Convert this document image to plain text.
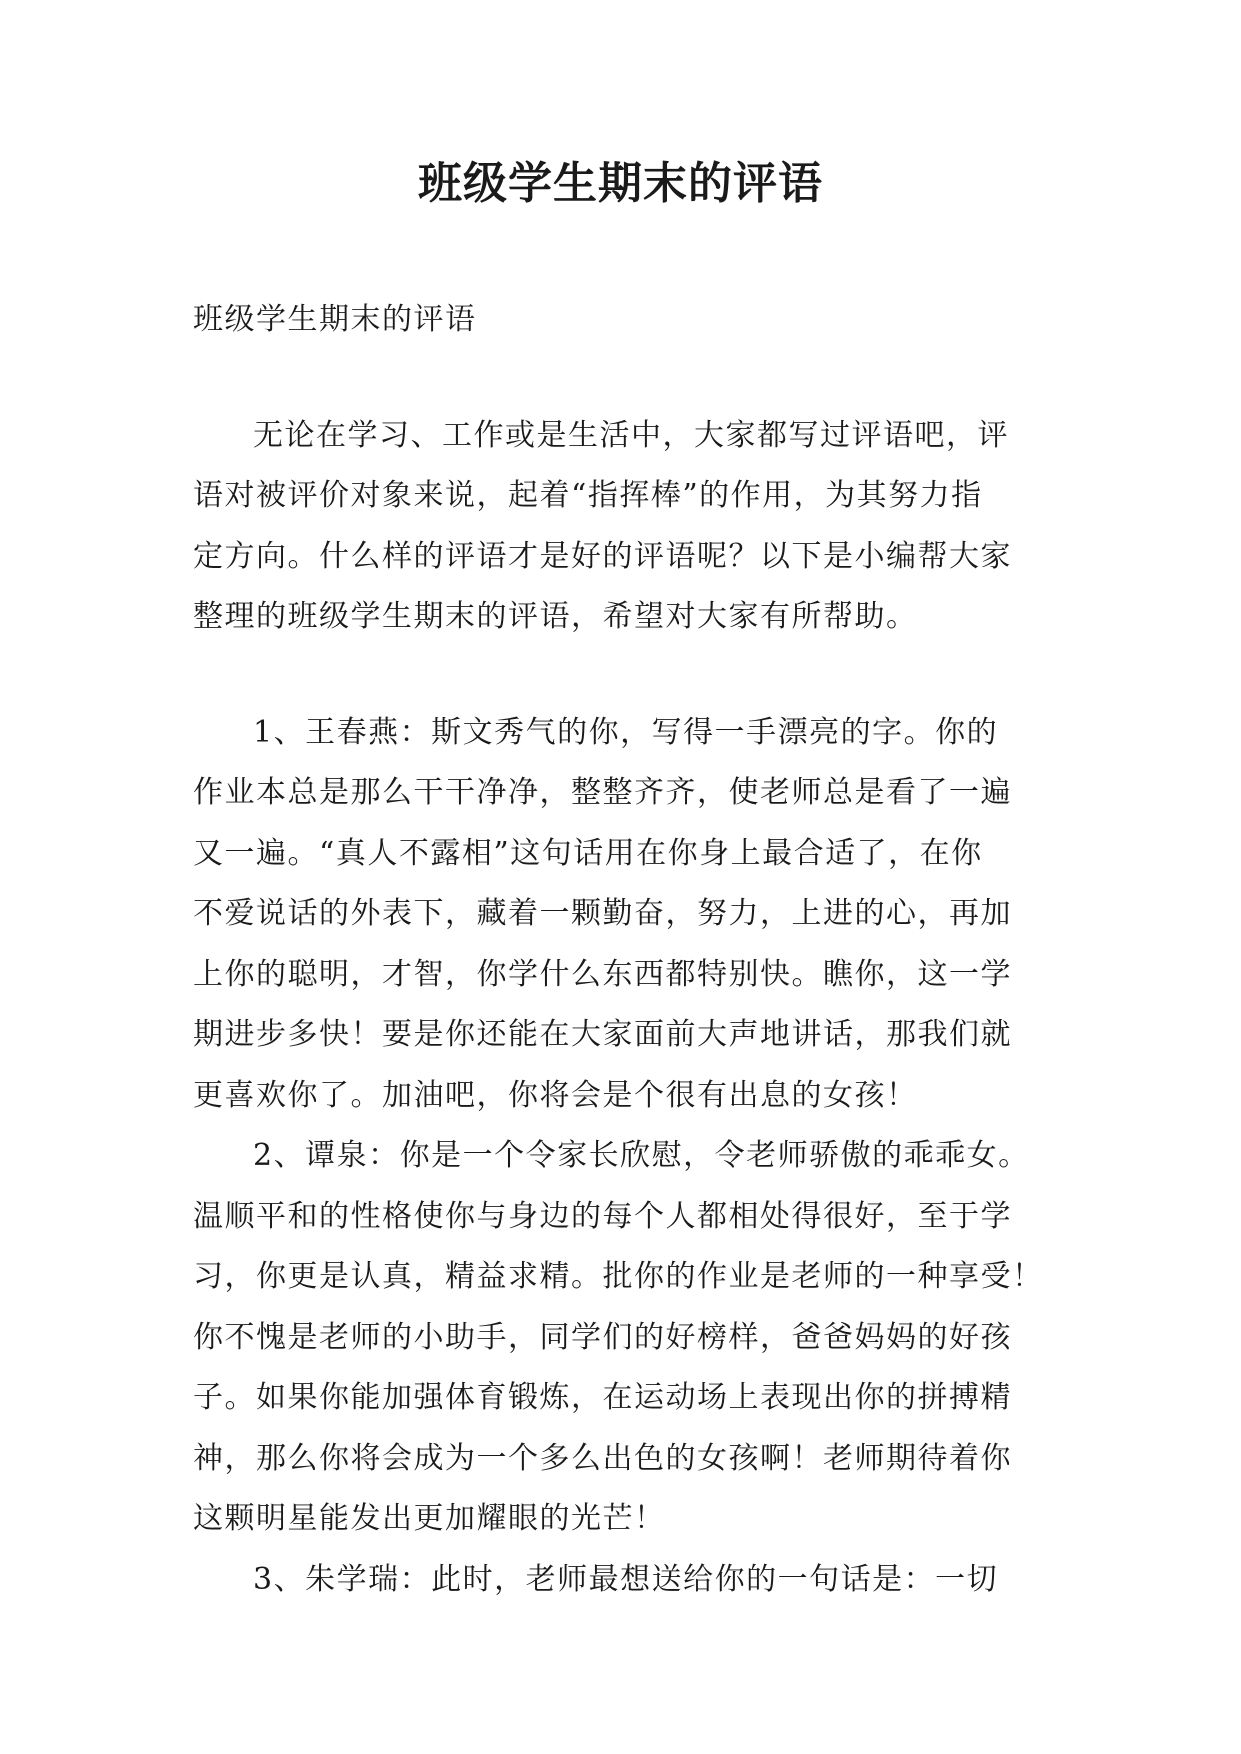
班级学生期末的评语

班级学生期末的评语

无论在学习、工作或是生活中，大家都写过评语吧，评
语对被评价对象来说，起着“指挥棒”的作用，为其努力指
定方向。什么样的评语才是好的评语呢？以下是小编帮大家
整理的班级学生期末的评语，希望对大家有所帮助。

1、王春燕：斯文秀气的你，写得一手漂亮的字。你的
作业本总是那么干干净净，整整齐齐，使老师总是看了一遍
又一遍。“真人不露相”这句话用在你身上最合适了，在你
不爱说话的外表下，藏着一颗勤奋，努力，上进的心，再加
上你的聪明，才智，你学什么东西都特别快。瞧你，这一学
期进步多快！要是你还能在大家面前大声地讲话，那我们就
更喜欢你了。加油吧，你将会是个很有出息的女孩！

2、谭泉：你是一个令家长欣慰，令老师骄傲的乖乖女。
温顺平和的性格使你与身边的每个人都相处得很好，至于学
习，你更是认真，精益求精。批你的作业是老师的一种享受！
你不愧是老师的小助手，同学们的好榜样，爸爸妈妈的好孩
子。如果你能加强体育锻炼，在运动场上表现出你的拼搏精
神，那么你将会成为一个多么出色的女孩啊！老师期待着你
这颗明星能发出更加耀眼的光芒！

3、朱学瑞：此时，老师最想送给你的一句话是：一切
